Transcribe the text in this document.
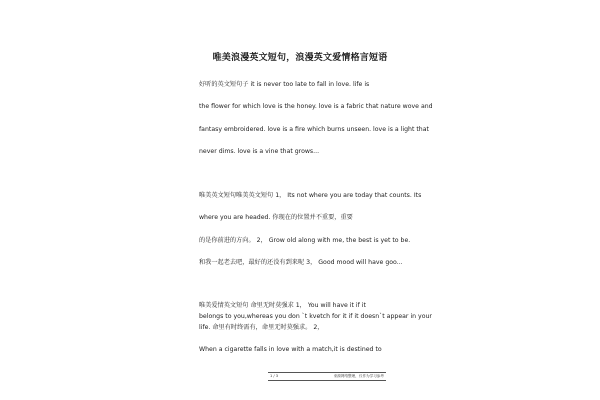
唯美浪漫英文短句，浪漫英文爱情格言短语
好听的英文短句子 it is never too late to fall in love. life is
the flower for which love is the honey. love is a fabric that nature wove and
fantasy embroidered. love is a fire which burns unseen. love is a light that
never dims. love is a vine that grows...
唯美英文短句唯美英文短句 1， Its not where you are today that counts. Its
where you are headed. 你现在的位置并不重要，重要
的是你前进的方向。 2， Grow old along with me, the best is yet to be.
和我一起老去吧，最好的还没有到来呢 3， Good mood will have goo...
唯美爱情英文短句 命里无时莫强求 1， You will have it if it
belongs to you,whereas you don `t kvetch for it if it doesn`t appear in your
life. 命里有时终需有，命里无时莫强求。 2，
When a cigarette falls in love with a match,it is destined to
1 / 3	来源网络整理，仅作为学习参考
